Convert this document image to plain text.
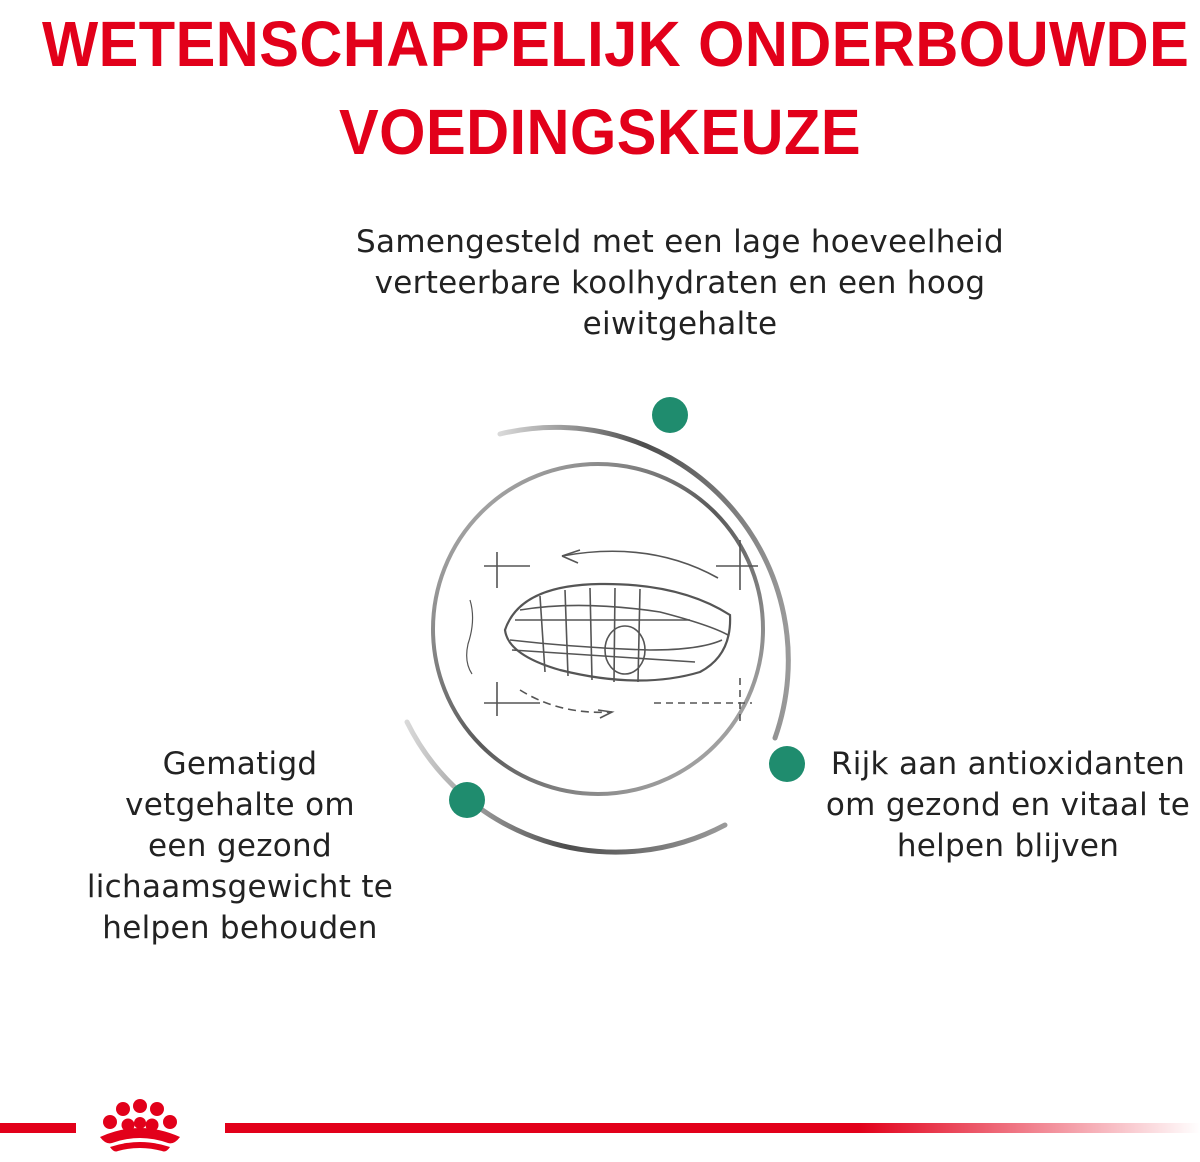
WETENSCHAPPELIJK ONDERBOUWDE
VOEDINGSKEUZE
Samengesteld met een lage hoeveelheid
verteerbare koolhydraten en een hoog
eiwitgehalte
Gematigd
vetgehalte om
een gezond
lichaamsgewicht te
helpen behouden
Rijk aan antioxidanten
om gezond en vitaal te
helpen blijven
